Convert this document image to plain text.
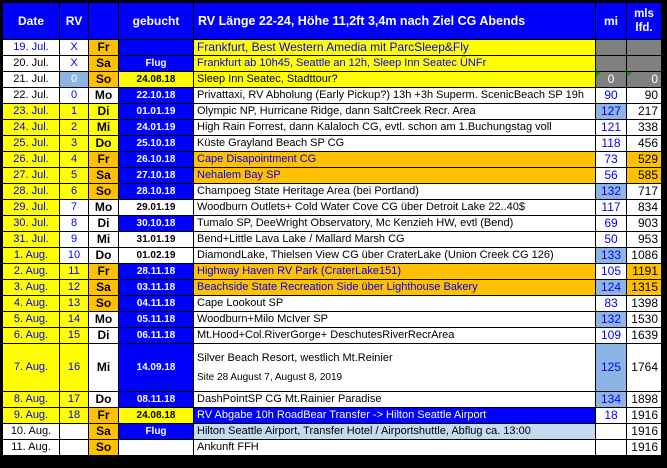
Date	RV		gebucht	RV Länge 22-24, Höhe 11,2ft 3,4m nach Ziel CG Abends	mi	mls lfd.
19. Jul.	X	Fr		Frankfurt, Best Western Amedia mit ParcSleep&Fly		
20. Jul.	X	Sa	Flug	Frankfurt ab 10h45, Seattle an 12h, Sleep Inn Seatec ÜNFr		
21. Jul.	0	So	24.08.18	Sleep Inn Seatec, Stadttour?	0	0

22. Jul.	0	Mo	22.10.18	Privattaxi, RV Abholung (Early Pickup?) 13h +3h Superm. ScenicBeach SP 19h	90	90
23. Jul.	1	Di	01.01.19	Olympic NP, Hurricane Ridge, dann SaltCreek Recr. Area	127	217
24. Jul.	2	Mi	24.01.19	High Rain Forrest, dann Kalaloch CG, evtl. schon am 1.Buchungstag voll	121	338
25. Jul.	3	Do	25.10.18	Küste Grayland Beach SP CG	118	456
26. Jul.	4	Fr	26.10.18	Cape Disapointment CG	73	529
27. Jul.	5	Sa	27.10.18	Nehalem Bay SP	56	585
28. Jul.	6	So	28.10.18	Champoeg State Heritage Area (bei Portland)	132	717
29. Jul.	7	Mo	29.01.19	Woodburn Outlets+ Cold Water Cove CG über Detroit Lake 22..40$	117	834
30. Jul.	8	Di	30.10.18	Tumalo SP, DeeWright Observatory, Mc Kenzieh HW, evtl (Bend)	69	903
31. Jul.	9	Mi	31.01.19	Bend+Little Lava Lake / Mallard Marsh CG	50	953
1. Aug.	10	Do	01.02.19	DiamondLake, Thielsen View CG über CraterLake (Union Creek CG 126)	133	1086
2. Aug.	11	Fr	28.11.18	Highway Haven RV Park (CraterLake151)	105	1191
3. Aug.	12	Sa	03.11.18	Beachside State Recreation Side über Lighthouse Bakery	124	1315
4. Aug.	13	So	04.11.18	Cape Lookout SP	83	1398
5. Aug.	14	Mo	05.11.18	Woodburn+Milo McIver SP	132	1530
6. Aug.	15	Di	06.11.18	Mt.Hood+Col.RiverGorge+ DeschutesRiverRecrArea	109	1639
7. Aug.	16	Mi	14.09.18	Silver Beach Resort, westlich Mt.Reinier
Site 28 August 7, August 8, 2019	125	1764
8. Aug.	17	Do	08.11.18	DashPointSP CG Mt.Rainier Paradise	134	1898
9. Aug.	18	Fr	24.08.18	RV Abgabe 10h RoadBear Transfer -> Hilton Seattle Airport	18	1916
10. Aug.		Sa	Flug	Hilton Seattle Airport, Transfer Hotel / Airportshuttle, Abflug ca. 13:00		1916
11. Aug.		So		Ankunft FFH		1916
